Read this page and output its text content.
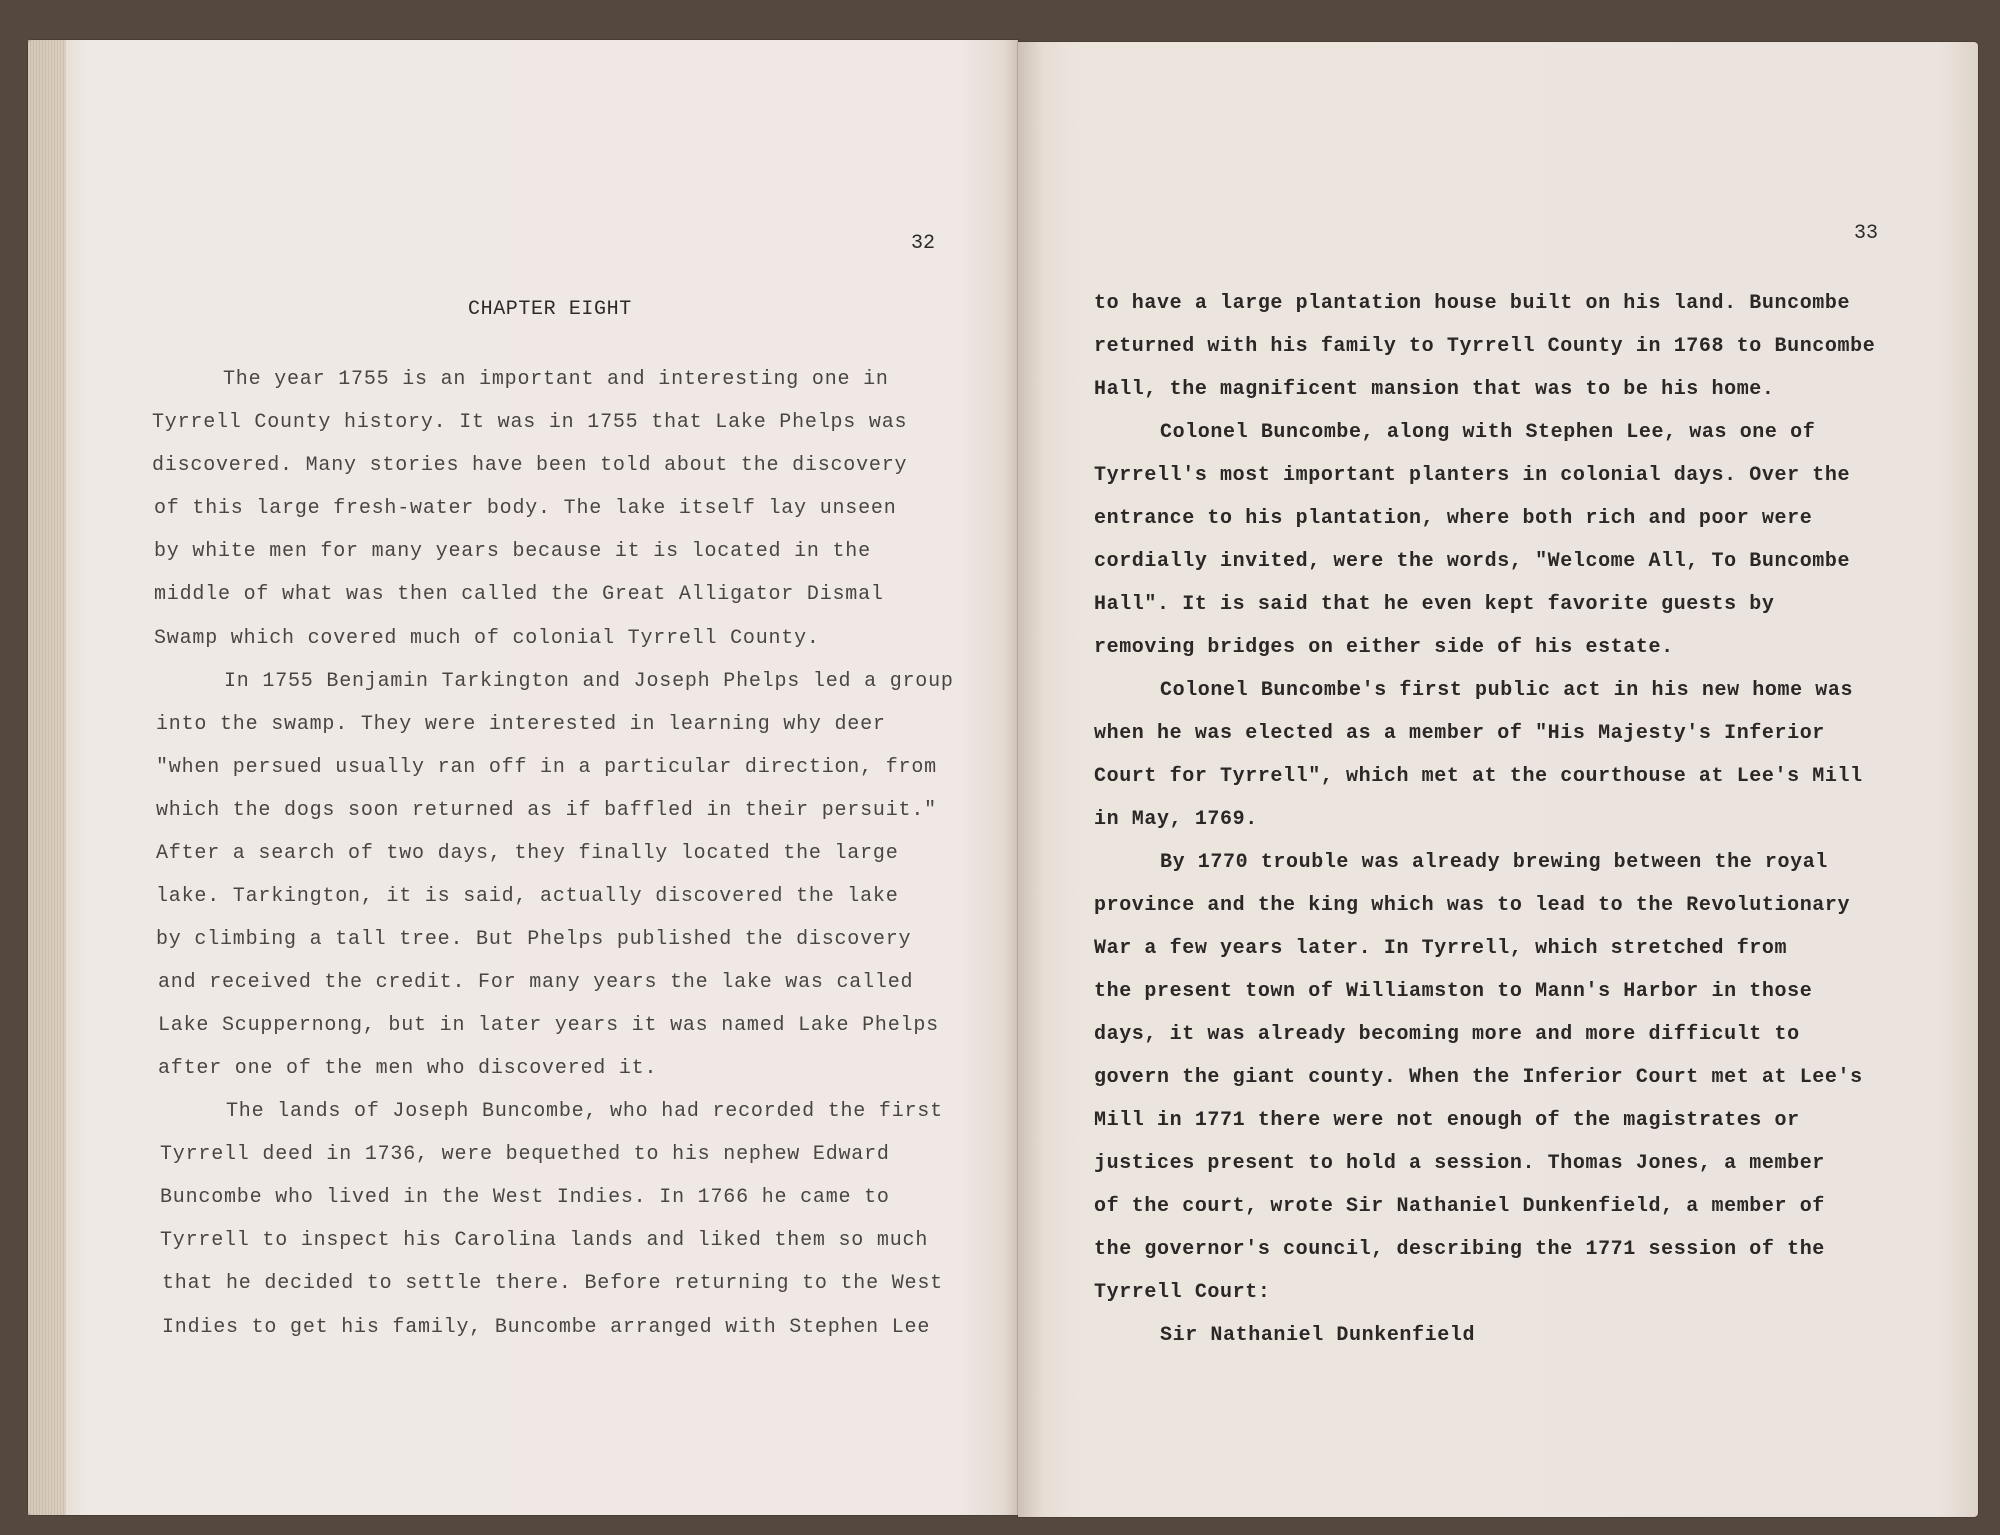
32
CHAPTER EIGHT
The year 1755 is an important and interesting one in
Tyrrell County history. It was in 1755 that Lake Phelps was
discovered. Many stories have been told about the discovery
of this large fresh-water body. The lake itself lay unseen
by white men for many years because it is located in the
middle of what was then called the Great Alligator Dismal
Swamp which covered much of colonial Tyrrell County.
In 1755 Benjamin Tarkington and Joseph Phelps led a group
into the swamp. They were interested in learning why deer
"when persued usually ran off in a particular direction, from
which the dogs soon returned as if baffled in their persuit."
After a search of two days, they finally located the large
lake. Tarkington, it is said, actually discovered the lake
by climbing a tall tree. But Phelps published the discovery
and received the credit. For many years the lake was called
Lake Scuppernong, but in later years it was named Lake Phelps
after one of the men who discovered it.
The lands of Joseph Buncombe, who had recorded the first
Tyrrell deed in 1736, were bequethed to his nephew Edward
Buncombe who lived in the West Indies. In 1766 he came to
Tyrrell to inspect his Carolina lands and liked them so much
that he decided to settle there. Before returning to the West
Indies to get his family, Buncombe arranged with Stephen Lee
33
to have a large plantation house built on his land. Buncombe
returned with his family to Tyrrell County in 1768 to Buncombe
Hall, the magnificent mansion that was to be his home.
Colonel Buncombe, along with Stephen Lee, was one of
Tyrrell's most important planters in colonial days. Over the
entrance to his plantation, where both rich and poor were
cordially invited, were the words, "Welcome All, To Buncombe
Hall". It is said that he even kept favorite guests by
removing bridges on either side of his estate.
Colonel Buncombe's first public act in his new home was
when he was elected as a member of "His Majesty's Inferior
Court for Tyrrell", which met at the courthouse at Lee's Mill
in May, 1769.
By 1770 trouble was already brewing between the royal
province and the king which was to lead to the Revolutionary
War a few years later. In Tyrrell, which stretched from
the present town of Williamston to Mann's Harbor in those
days, it was already becoming more and more difficult to
govern the giant county. When the Inferior Court met at Lee's
Mill in 1771 there were not enough of the magistrates or
justices present to hold a session. Thomas Jones, a member
of the court, wrote Sir Nathaniel Dunkenfield, a member of
the governor's council, describing the 1771 session of the
Tyrrell Court:
Sir Nathaniel Dunkenfield
